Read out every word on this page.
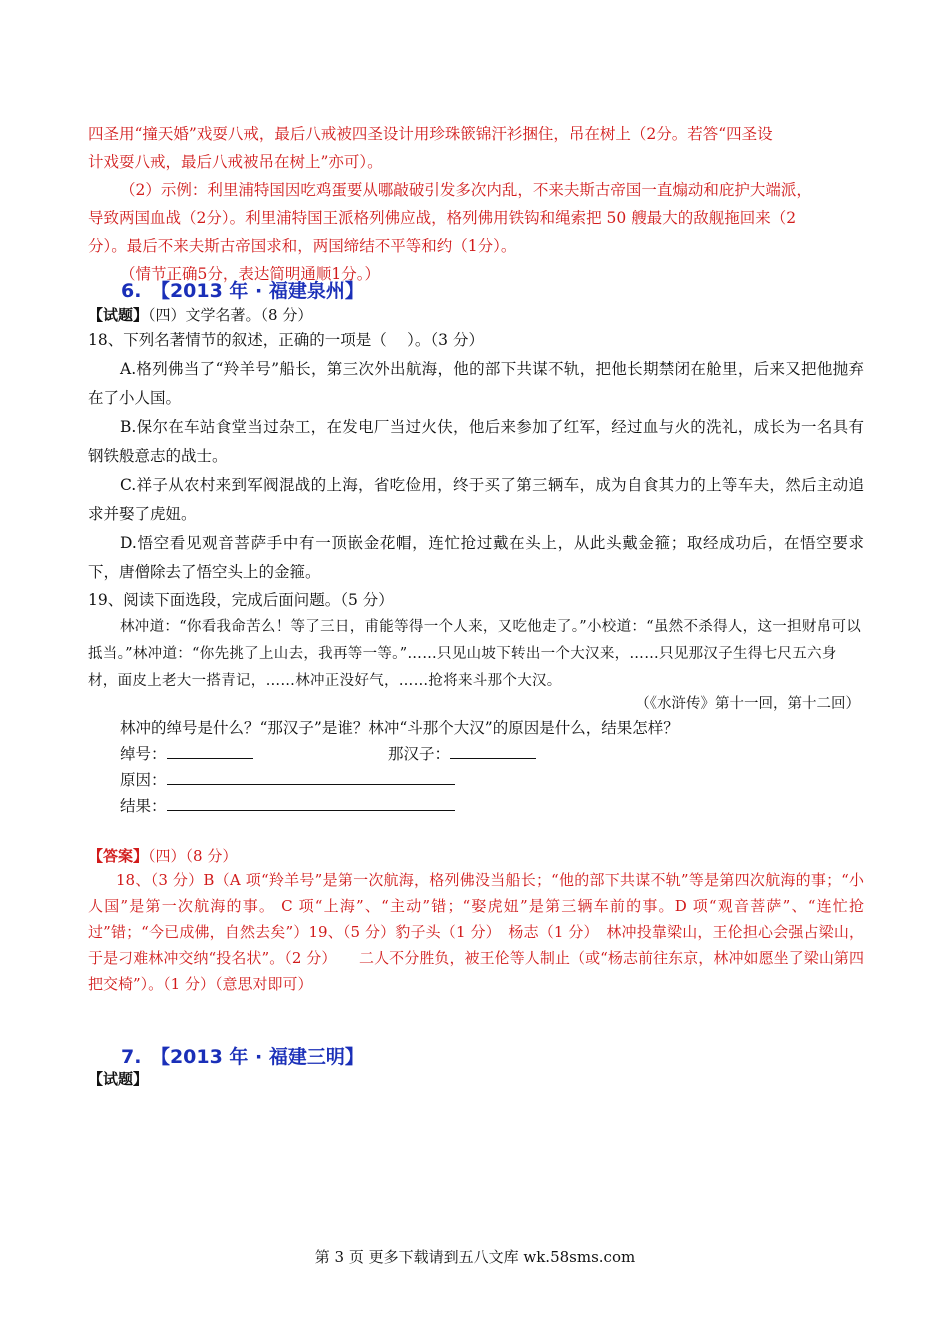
四圣用“撞天婚”戏耍八戒，最后八戒被四圣设计用珍珠篏锦汗衫捆住，吊在树上（2分。若答“四圣设

计戏耍八戒，最后八戒被吊在树上”亦可）。

（2）示例：利里浦特国因吃鸡蛋要从哪敲破引发多次内乱，不来夫斯古帝国一直煽动和庇护大端派，

导致两国血战（2分）。利里浦特国王派格列佛应战，格列佛用铁钩和绳索把 50 艘最大的敌舰拖回来（2

分）。最后不来夫斯古帝国求和，两国缔结不平等和约（1分）。

（情节正确5分，表达简明通顺1分。）

6.　【2013 年 · 福建泉州】
【试题】（四）文学名著。（8 分）
18、下列名著情节的叙述，正确的一项是（　 ）。（3 分）
A.格列佛当了“羚羊号”船长，第三次外出航海，他的部下共谋不轨，把他长期禁闭在舱里，后来又把他抛弃在了小人国。
B.保尔在车站食堂当过杂工，在发电厂当过火伕，他后来参加了红军，经过血与火的洗礼，成长为一名具有钢铁般意志的战士。
C.祥子从农村来到军阀混战的上海，省吃俭用，终于买了第三辆车，成为自食其力的上等车夫，然后主动追求并娶了虎妞。
D.悟空看见观音菩萨手中有一顶嵌金花帽，连忙抢过戴在头上，从此头戴金箍；取经成功后，在悟空要求下，唐僧除去了悟空头上的金箍。
19、阅读下面选段，完成后面问题。（5 分）
林冲道：“你看我命苦么！等了三日，甫能等得一个人来，又吃他走了。”小校道：“虽然不杀得人，这一担财帛可以抵当。”林冲道：“你先挑了上山去，我再等一等。”……只见山坡下转出一个大汉来，……只见那汉子生得七尺五六身材，面皮上老大一搭青记，……林冲正没好气，……抢将来斗那个大汉。
（《水浒传》第十一回，第十二回）
林冲的绰号是什么？“那汉子”是谁？林冲“斗那个大汉”的原因是什么，结果怎样？
绰号：	那汉子：
原因：
结果：
【答案】（四）（8 分）
18、（3 分）B（A 项“羚羊号”是第一次航海，格列佛没当船长；“他的部下共谋不轨”等是第四次航海的事；“小人国”是第一次航海的事。 C 项“上海”、“主动”错；“娶虎妞”是第三辆车前的事。D 项“观音菩萨”、“连忙抢过”错；“今已成佛，自然去矣”）19、（5 分）豹子头（1 分）　杨志（1 分）　林冲投靠梁山，王伦担心会强占梁山，于是刁难林冲交纳“投名状”。（2 分）　　二人不分胜负，被王伦等人制止（或“杨志前往东京，林冲如愿坐了梁山第四把交椅”）。（1 分）（意思对即可）
7.　【2013 年 · 福建三明】
【试题】
第 3 页 更多下载请到五八文库 wk.58sms.com
